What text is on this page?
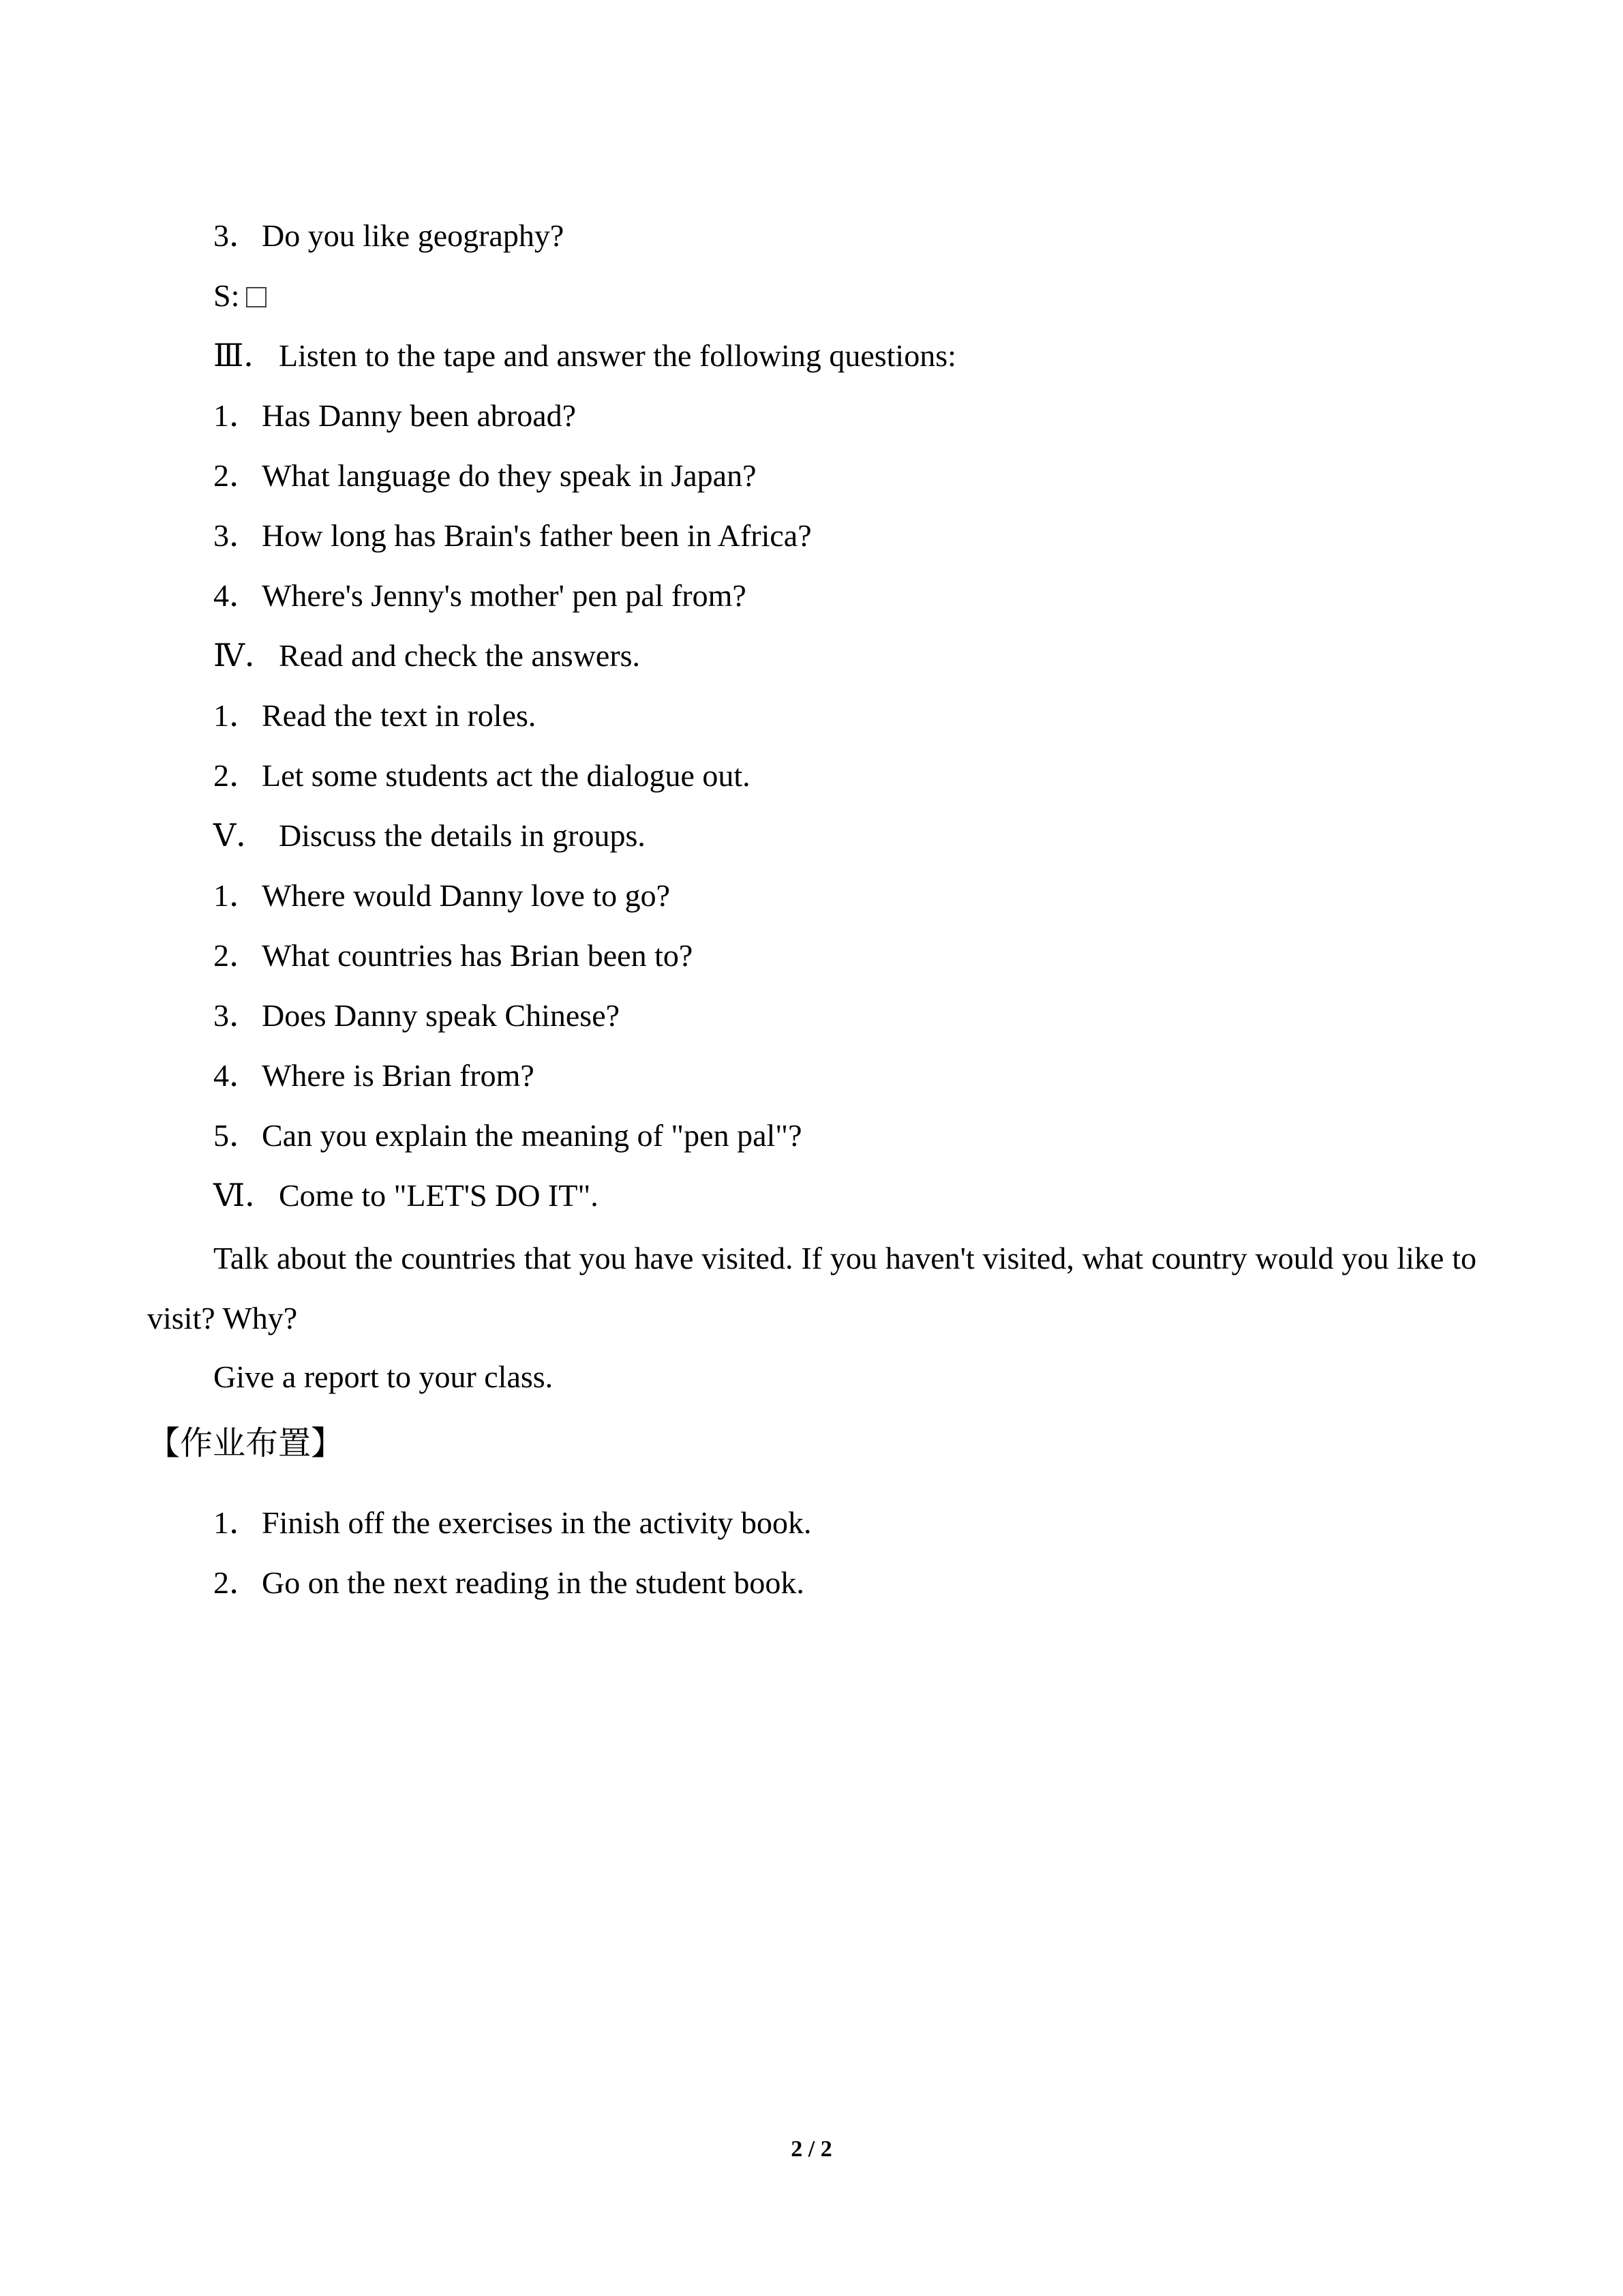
3．Do you like geography?
S:
Ⅲ． Listen to the tape and answer the following questions:
1．Has Danny been abroad?
2．What language do they speak in Japan?
3．How long has Brain's father been in Africa?
4．Where's Jenny's mother' pen pal from?
Ⅳ．Read and check the answers.
1．Read the text in roles.
2．Let some students act the dialogue out.
Ⅴ． Discuss the details in groups.
1．Where would Danny love to go?
2．What countries has Brian been to?
3．Does Danny speak Chinese?
4．Where is Brian from?
5．Can you explain the meaning of "pen pal"?
Ⅵ．Come to "LET'S DO IT".
Talk about the countries that you have visited. If you haven't visited, what country would you like to visit? Why?
Give a report to your class.
【作业布置】
1．Finish off the exercises in the activity book.
2．Go on the next reading in the student book.
2 / 2
